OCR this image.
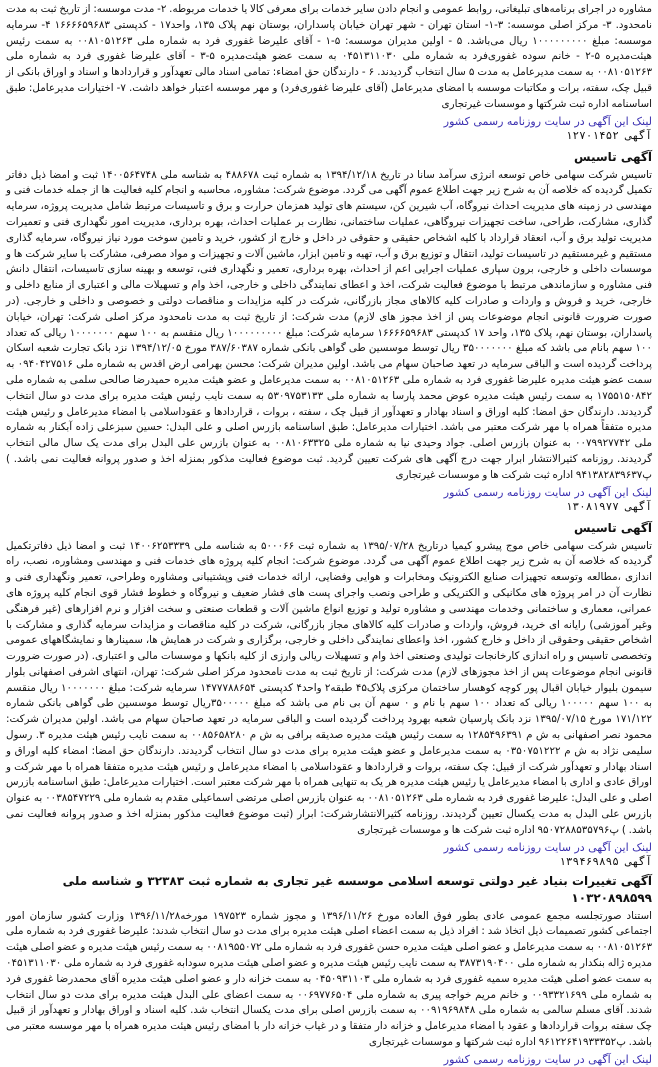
مشاوره در اجرای برنامه‌های تبلیغاتی، روابط عمومی و انجام دادن سایر خدمات برای معرفی کالا یا خدمات مربوطه. ۲- مدت موسسه: از تاریخ ثبت به مدت نامحدود. ۳- مرکز اصلی موسسه: ۳-۱- استان تهران - شهر تهران خیابان پاسداران، بوستان نهم پلاک ۱۳۵، واحد۱۷ - کدپستی ۱۶۶۶۶۵۹۶۸۳ ۴- سرمایه موسسه: مبلغ ۱۰۰۰۰۰۰۰۰۰ ریال می‌باشد. ۵ - اولین مدیران موسسه: ۵-۱ - آقای علیرضا غفوری فرد به شماره ملی ۰۰۸۱۰۵۱۲۶۳ به سمت رئیس هیئت‌مدیره ۵-۲ - خانم سوده غفوری‌فرد به شماره ملی ۰۴۵۱۳۱۱۰۳۰ به سمت عضو هیئت‌مدیره ۵-۳ - آقای علیرضا غفوری فرد به شماره ملی ۰۰۸۱۰۵۱۲۶۳ به سمت مدیرعامل به مدت ۵ سال انتخاب گردیدند. ۶ - دارندگان حق امضاء: تمامی اسناد مالی تعهدآور و قراردادها و اسناد و اوراق بانکی از قبیل چک، سفته، برات و مکاتبات موسسه با امضای مدیرعامل (آقای علیرضا غفوری‌فرد) و مهر موسسه اعتبار خواهد داشت. ۷- اختیارات مدیرعامل: طبق اساسنامه اداره ثبت شرکتها و موسسات غیرتجاری

لینک این آگهی در سایت روزنامه رسمی کشور
آگهی ۱۲۷۰۱۴۵۲
آگهی تاسیس

تاسیس شرکت سهامی خاص توسعه انرژی سرآمد سانا در تاریخ ۱۳۹۴/۱۲/۱۸ به شماره ثبت ۴۸۸۶۷۸ به شناسه ملی ۱۴۰۰۵۶۴۷۴۸ ثبت و امضا ذیل دفاتر تکمیل گردیده که خلاصه آن به شرح زیر جهت اطلاع عموم آگهی می گردد. موضوع شرکت: مشاوره، محاسبه و انجام کلیه فعالیت ها از جمله خدمات فنی و مهندسی در زمینه های مدیریت احداث نیروگاه، آب شیرین کن، سیستم های تولید همزمان حرارت و برق و تاسیسات مرتبط شامل مدیریت پروژه، سرمایه گذاری، مشارکت، طراحی، ساخت تجهیزات نیروگاهی، عملیات ساختمانی، نظارت بر عملیات احداث، بهره برداری، مدیریت امور نگهداری فنی و تعمیرات مدیریت تولید برق و آب، انعقاد قرارداد با کلیه اشخاص حقیقی و حقوقی در داخل و خارج از کشور، خرید و تامین سوخت مورد نیاز نیروگاه، سرمایه گذاری مستقیم و غیرمستقیم در تاسیسات تولید، انتقال و توزیع برق و آب، تهیه و تامین ابزار، ماشین آلات و تجهیزات و مواد مصرفی، مشارکت با سایر شرکت ها و موسسات داخلی و خارجی، برون سپاری عملیات اجرایی اعم از احداث، بهره برداری، تعمیر و نگهداری فنی، توسعه و بهینه سازی تاسیسات، انتقال دانش فنی مشاوره و سازماندهی مرتبط با موضوع فعالیت شرکت، اخذ و اعطای نمایندگی داخلی و خارجی، اخذ وام و تسهیلات مالی و اعتباری از منابع داخلی و خارجی، خرید و فروش و واردات و صادرات کلیه کالاهای مجاز بازرگانی، شرکت در کلیه مزایدات و مناقصات دولتی و خصوصی و داخلی و خارجی. (در صورت ضرورت قانونی انجام موضوعات پس از اخذ مجوز های لازم) مدت شرکت: از تاریخ ثبت به مدت نامحدود مرکز اصلی شرکت: تهران، خیابان پاسداران، بوستان نهم، پلاک ۱۳۵، واحد ۱۷ کدپستی ۱۶۶۶۶۵۹۶۸۳ سرمایه شرکت: مبلغ ۱۰۰۰۰۰۰۰۰۰ ریال منقسم به ۱۰۰ سهم ۱۰۰۰۰۰۰۰ ریالی که تعداد ۱۰۰ سهم بانام می باشد که مبلغ ۳۵۰۰۰۰۰۰۰ ریال توسط موسسین طی گواهی بانکی شماره ۳۸۷/۶۰۳۸۷ مورخ ۱۳۹۴/۱۲/۰۵ نزد بانک تجارت شعبه اسکان پرداخت گردیده است و الباقی سرمایه در تعهد صاحبان سهام می باشد. اولین مدیران شرکت: محسن بهرامی ارض اقدس به شماره ملی ۰۹۴۰۴۲۷۵۱۶ به سمت عضو هیئت مدیره علیرضا غفوری فرد به شماره ملی ۰۰۸۱۰۵۱۲۶۳ به سمت مدیرعامل و عضو هیئت مدیره حمیدرضا صالحی سلمی به شماره ملی ۱۷۵۵۱۵۰۸۴۲ به سمت رئیس هیئت مدیره عوض محمد پارسا به شماره ملی ۵۳۰۹۷۵۳۱۳۳ به سمت نایب رئیس هیئت مدیره برای مدت دو سال انتخاب گردیدند. دارندگان حق امضا: کلیه اوراق و اسناد بهادار و تعهدآور از قبیل چک ، سفته ، بروات ، قراردادها و عقوداسلامی با امضاء مدیرعامل و رئیس هیئت مدیره متفقاً همراه با مهر شرکت معتبر می باشد. اختیارات مدیرعامل: طبق اساسنامه بازرس اصلی و علی البدل: حسین سبزعلی زاده آبکنار به شماره ملی ۰۰۷۹۹۲۷۷۴۲ به عنوان بازرس اصلی. جواد وحیدی نیا به شماره ملی ۰۰۸۱۰۶۳۳۲۵ به عنوان بازرس علی البدل برای مدت یک سال مالی انتخاب گردیدند. روزنامه کثیرالانتشار ابرار جهت درج آگهی های شرکت تعیین گردید. ثبت موضوع فعالیت مذکور بمنزله اخذ و صدور پروانه فعالیت نمی باشد. ) پ۹۴۱۳۸۲۸۳۹۶۳۷ اداره ثبت شرکت ها و موسسات غیرتجاری

لینک این آگهی در سایت روزنامه رسمی کشور
آگهی ۱۳۰۸۱۹۷۷
آگهی تاسیس

تاسیس شرکت سهامی خاص موج پیشرو کیمیا درتاریخ ۱۳۹۵/۰۷/۲۸ به شماره ثبت ۵۰۰۰۶۶ به شناسه ملی ۱۴۰۰۶۲۵۳۳۳۹ ثبت و امضا ذیل دفاترتکمیل گردیده که خلاصه آن به شرح زیر جهت اطلاع عموم آگهی می گردد. موضوع شرکت: انجام کلیه پروژه های خدمات فنی و مهندسی ومشاوره، نصب، راه اندازی ،مطالعه وتوسعه تجهیزات صنایع الکترونیک ومخابرات و هوایی وفضایی، ارائه خدمات فنی وپشتیبانی ومشاوره وطراحی، تعمیر ونگهداری فنی و نظارت آن در امر پروژه های مکانیکی و الکتریکی و طراحی ونصب واجرای پست های فشار ضعیف و نیروگاه و خطوط فشار قوی انجام کلیه پروژه های عمرانی، معماری و ساختمانی وخدمات مهندسی و مشاوره تولید و توزیع انواع ماشین آلات و قطعات صنعتی و سخت افزار و نرم افزارهای (غیر فرهنگی وغیر آموزشی) رایانه ای خرید، فروش، واردات و صادرات کلیه کالاهای مجاز بازرگانی، شرکت در کلیه مناقصات و مزایدات سرمایه گذاری و مشارکت با اشخاص حقیقی وحقوقی از داخل و خارج کشور، اخذ واعطای نمایندگی داخلی و خارجی، برگزاری و شرکت در همایش ها، سمینارها و نمایشگاههای عمومی وتخصصی تاسیس و راه اندازی کارخانجات تولیدی وصنعتی اخذ وام و تسهیلات ریالی وارزی از کلیه بانکها و موسسات مالی و اعتباری. (در صورت ضرورت قانونی انجام موضوعات پس از اخذ مجوزهای لازم) مدت شرکت: از تاریخ ثبت به مدت نامحدود مرکز اصلی شرکت: تهران، انتهای اشرفی اصفهانی بلوار سیمون بلیوار خیابان اقبال پور کوچه کوهسار ساختمان مرکزی پلاک۴۵ طبقه۲ واحد۴ کدپستی ۱۴۷۷۷۸۸۶۵۴ سرمایه شرکت: مبلغ ۱۰۰۰۰۰۰۰ ریال منقسم به ۱۰۰ سهم ۱۰۰۰۰۰ ریالی که تعداد ۱۰۰ سهم با نام و ۰ سهم آن بی نام می باشد که مبلغ ۳۵۰۰۰۰۰ریال توسط موسسین طی گواهی بانکی شماره ۱۷۱/۱۲۲ مورخ ۱۳۹۵/۰۷/۱۵ نزد بانک پارسیان شعبه بهرود پرداخت گردیده است و الباقی سرمایه در تعهد صاحبان سهام می باشد. اولین مدیران شرکت: محمود نصر اصفهانی به ش م ۱۲۸۵۴۹۶۳۹۱ به سمت رئیس هیئت مدیره صدیقه برافی به ش م ۰۰۸۵۶۵۸۲۸۰ به سمت نایب رئیس هیئت مدیره ۳. رسول سلیمی نژاد به ش م ۰۳۵۰۷۵۱۲۲۲ به سمت مدیرعامل و عضو هیئت مدیره برای مدت دو سال انتخاب گردیدند. دارندگان حق امضا: امضاء کلیه اوراق و اسناد بهادار و تعهدآور شرکت از قبیل: چک سفته، بروات و قراردادها و عقوداسلامی با امضاء مدیرعامل و رئیس هیئت مدیره متفقا همراه با مهر شرکت و اوراق عادی و اداری با امضاء مدیرعامل یا رئیس هیئت مدیره هر یک به تنهایی همراه با مهر شرکت معتبر است. اختیارات مدیرعامل: طبق اساسنامه بازرس اصلی و علی البدل: علیرضا غفوری فرد به شماره ملی ۰۰۸۱۰۵۱۲۶۳ به عنوان بازرس اصلی مرتضی اسماعیلی مقدم به شماره ملی ۰۰۳۸۵۴۷۲۲۹ به عنوان بازرس علی البدل به مدت یکسال تعیین گردیدند. روزنامه کثیرالانتشارشرکت: ابرار (ثبت موضوع فعالیت مذکور بمنزله اخذ و صدور پروانه فعالیت نمی باشد. ) پ۹۵۰۷۲۸۸۵۳۵۷۹۶ اداره ثبت شرکت ها و موسسات غیرتجاری

لینک این آگهی در سایت روزنامه رسمی کشور
آگهی ۱۳۹۴۶۹۸۹۵
آگهی تغییرات بنیاد غیر دولتی توسعه اسلامی موسسه غیر تجاری به شماره ثبت ۳۲۳۸۳ و شناسه ملی ۱۰۳۲۰۸۹۸۵۹۹

استناد صورتجلسه مجمع عمومی عادی بطور فوق العاده مورخ ۱۳۹۶/۱۱/۲۶ و مجوز شماره ۱۹۷۵۲۳ مورخه۱۳۹۶/۱۱/۲۸ وزارت کشور سازمان امور اجتماعی کشور تصمیمات ذیل اتخاذ شد : افراد ذیل به سمت اعضاء اصلی هیئت مدیره برای مدت دو سال انتخاب شدند: علیرضا غفوری فرد به شماره ملی ۰۰۸۱۰۵۱۲۶۳ به سمت مدیرعامل و عضو اصلی هیئت مدیره حسن غفوری فرد به شماره ملی ۰۰۸۱۹۵۵۰۷۲ به سمت رئیس هیئت مدیره و عضو اصلی هیئت مدیره ژاله بنکدار به شماره ملی ۳۸۷۳۱۹۰۴۰۰ به سمت نایب رئیس هیئت مدیره و عضو اصلی هیئت مدیره سودابه غفوری فرد به شماره ملی ۰۴۵۱۳۱۱۰۳۰ به سمت عضو اصلی هیئت مدیره سمیه غفوری فرد به شماره ملی ۰۴۵۰۹۳۱۱۰۳ به سمت خزانه دار و عضو اصلی هیئت مدیره آقای محمدرضا غفوری فرد به شماره ملی ۰۰۹۳۳۲۱۶۹۹ و خانم مریم خواجه پیری به شماره ملی ۰۰۶۹۷۷۶۵۰۴ به سمت اعضای علی البدل هیئت مدیره برای مدت دو سال انتخاب شدند. آقای مسلم سالمی به شماره ملی ۰۰۹۱۹۶۹۸۴۸ به سمت بازرس اصلی برای مدت یکسال انتخاب شد. کلیه اسناد و اوراق بهادار و تعهدآور از قبیل چک سفته بروات قراردادها و عقود با امضاء مدیرعامل و خزانه دار متفقا و در غیاب خزانه دار با امضای رئیس هیئت مدیره همراه با مهر موسسه معتبر می باشد. پ۹۶۱۲۲۶۴۱۹۳۳۳۵۲ اداره ثبت شرکتها و موسسات غیرتجاری

لینک این آگهی در سایت روزنامه رسمی کشور
